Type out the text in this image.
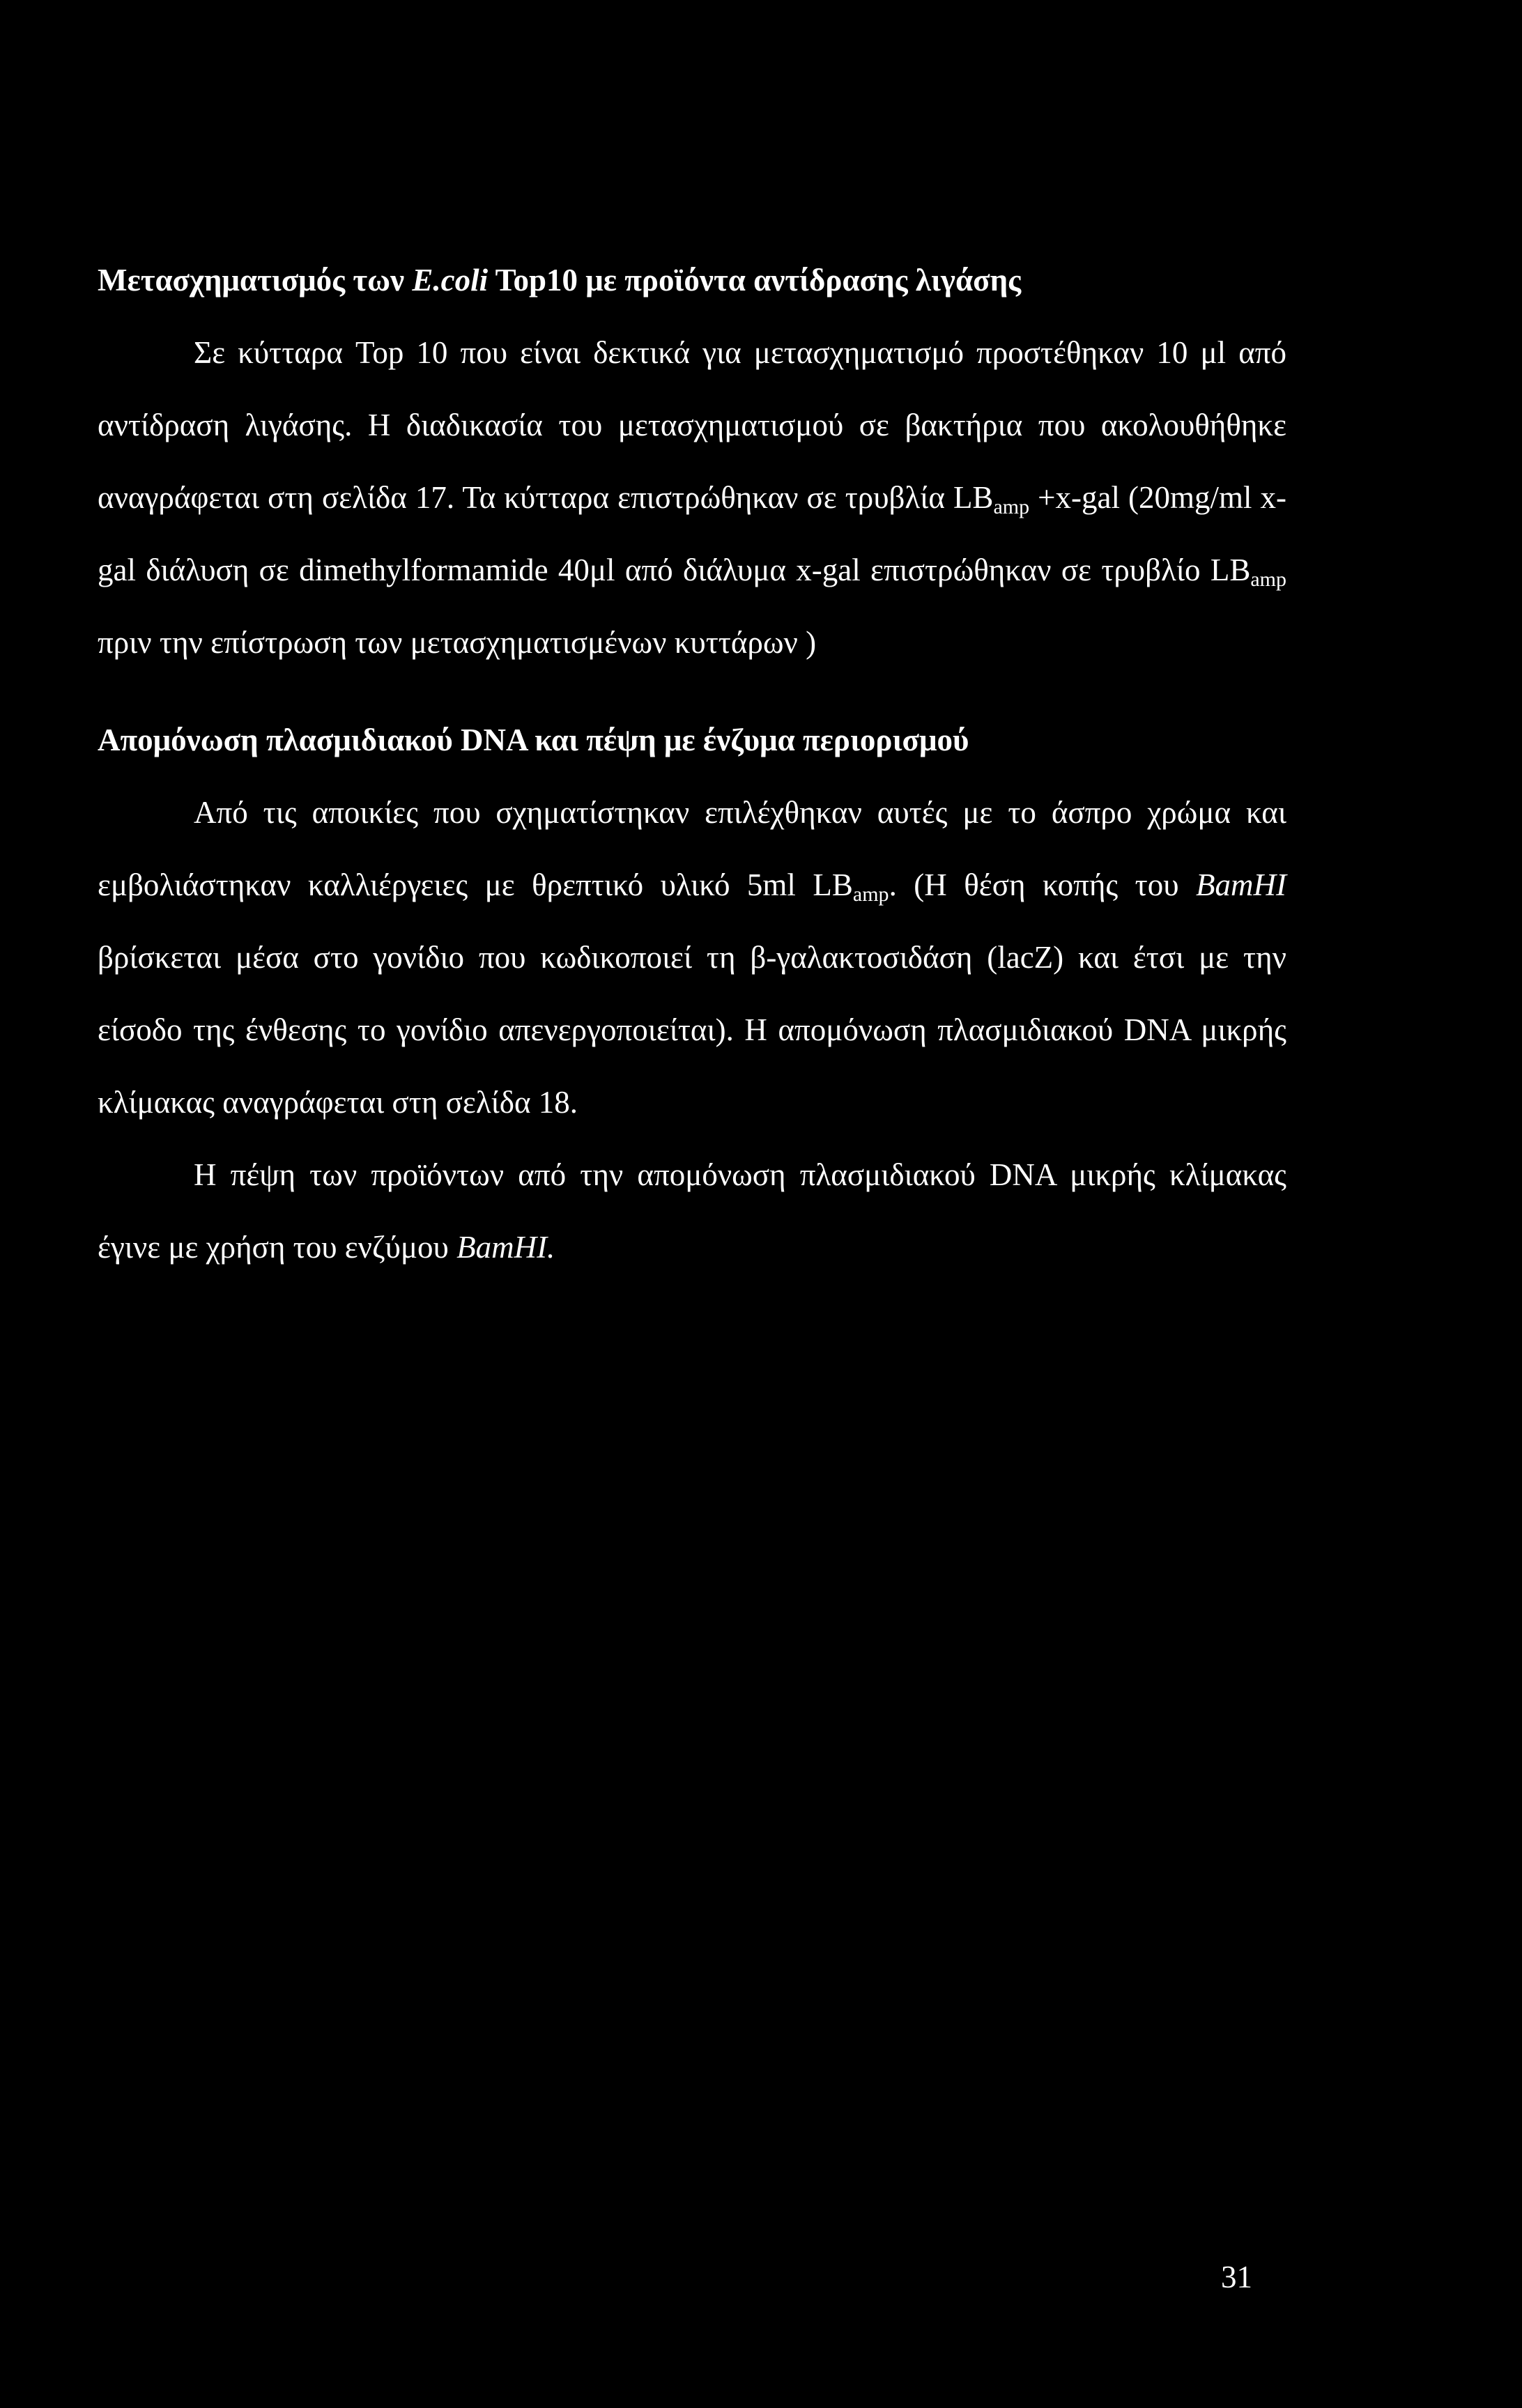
Μετασχηματισμός των E.coli Top10 με προϊόντα αντίδρασης λιγάσης

Σε κύτταρα Top 10 που είναι δεκτικά για μετασχηματισμό προστέθηκαν 10 μl από αντίδραση λιγάσης. Η διαδικασία του μετασχηματισμού σε βακτήρια που ακολουθήθηκε αναγράφεται στη σελίδα 17. Τα κύτταρα επιστρώθηκαν σε τρυβλία $LB_{amp} +x-gal$ (20mg/ml x-gal διάλυση σε dimethylformamide 40μl από διάλυμα x-gal επιστρώθηκαν σε τρυβλίο $LB_{amp}$ πριν την επίστρωση των μετασχηματισμένων κυττάρων )

Απομόνωση πλασμιδιακού DNA και πέψη με ένζυμα περιορισμού

Από τις αποικίες που σχηματίστηκαν επιλέχθηκαν αυτές με το άσπρο χρώμα και εμβολιάστηκαν καλλιέργειες με θρεπτικό υλικό 5ml $LB_{amp}$. (Η θέση κοπής του BamHI βρίσκεται μέσα στο γονίδιο που κωδικοποιεί τη β-γαλακτοσιδάση (lacZ) και έτσι με την είσοδο της ένθεσης το γονίδιο απενεργοποιείται). Η απομόνωση πλασμιδιακού DNA μικρής κλίμακας αναγράφεται στη σελίδα 18.

Η πέψη των προϊόντων από την απομόνωση πλασμιδιακού DNA μικρής κλίμακας έγινε με χρήση του ενζύμου BamHI.

31
